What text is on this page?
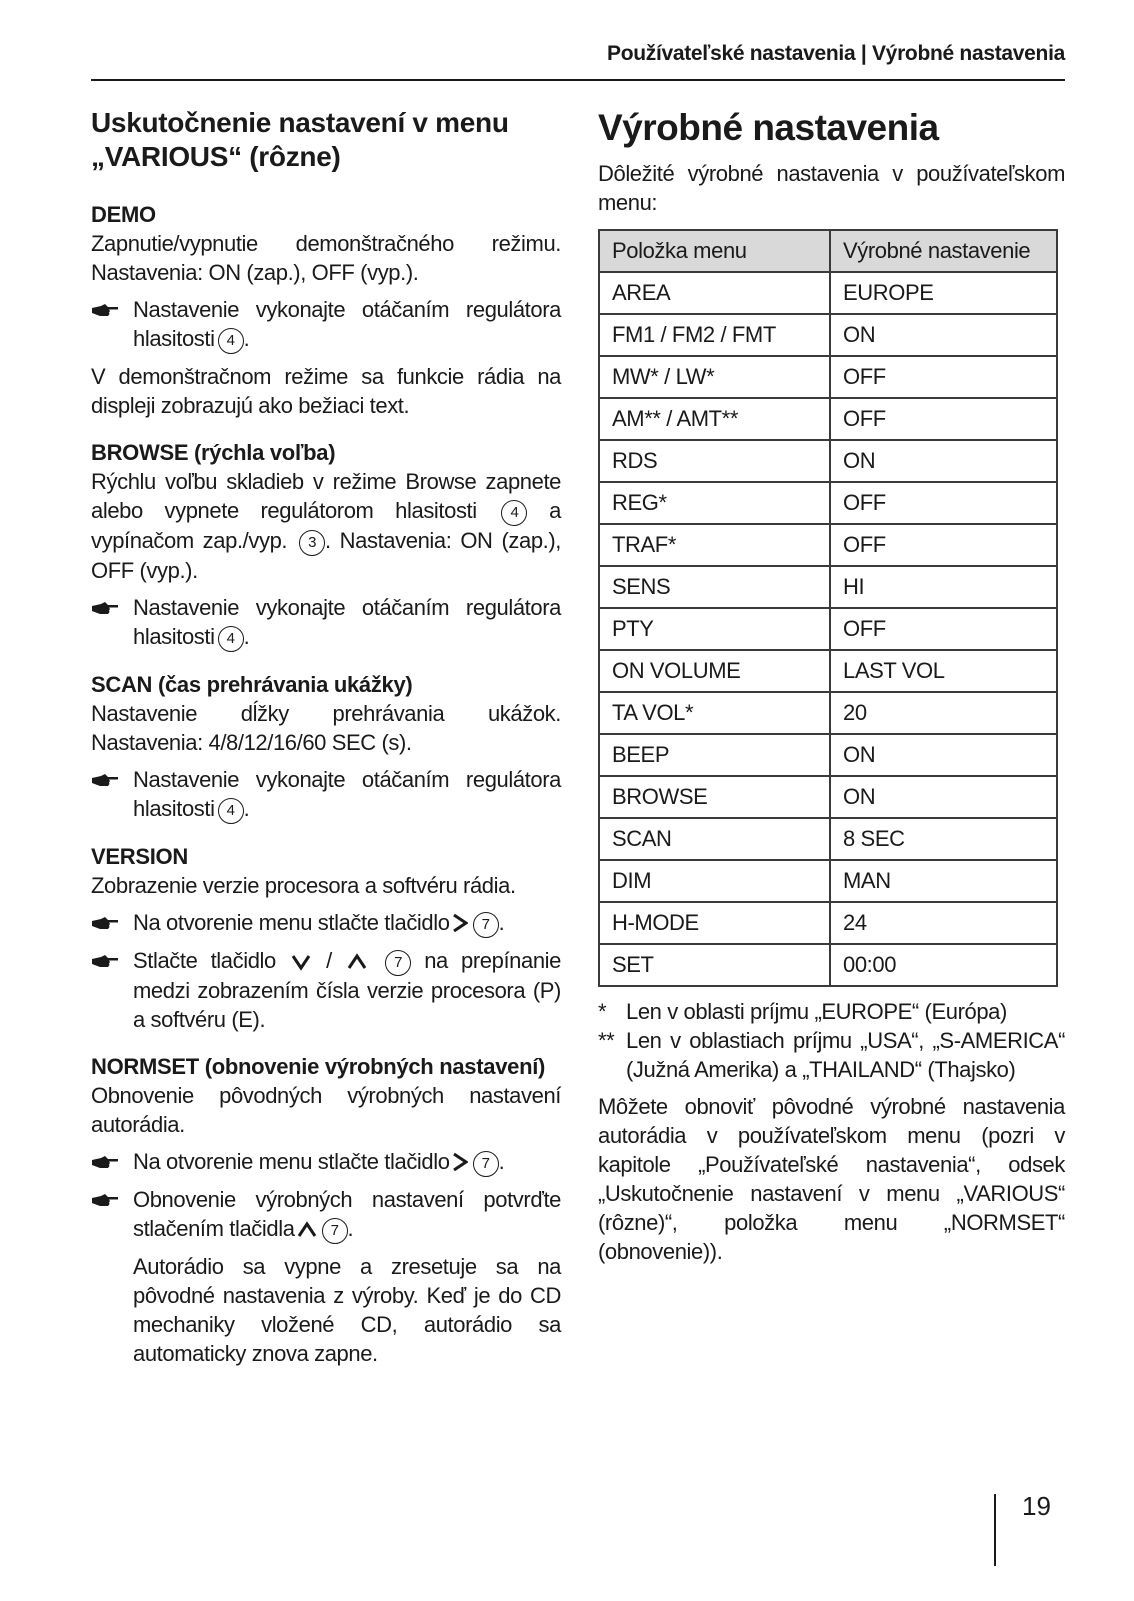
Používateľské nastavenia | Výrobné nastavenia
Uskutočnenie nastavení v menu
„VARIOUS“ (rôzne)
DEMO

Zapnutie/vypnutie demonštračného režimu. Nastavenia: ON (zap.), OFF (vyp.).

Nastavenie vykonajte otáčaním regulátora hlasitosti 4 .

V demonštračnom režime sa funkcie rádia na displeji zobrazujú ako bežiaci text.

BROWSE (rýchla voľba)

Rýchlu voľbu skladieb v režime Browse zapnete alebo vypnete regulátorom hlasitosti 4 a vypínačom zap./vyp. 3 . Nastavenia: ON (zap.), OFF (vyp.).

Nastavenie vykonajte otáčaním regulátora hlasitosti 4 .
SCAN (čas prehrávania ukážky)

Nastavenie dĺžky prehrávania ukážok. Nastavenia: 4/8/12/16/60 SEC (s).

Nastavenie vykonajte otáčaním regulátora hlasitosti 4 .
VERSION

Zobrazenie verzie procesora a softvéru rádia.

Na otvorenie menu stlačte tlačidlo 7 .
Stlačte tlačidlo /	7 na prepínanie medzi zobrazením čísla verzie procesora (P) a softvéru (E).
NORMSET (obnovenie výrobných nastavení)

Obnovenie pôvodných výrobných nastavení autorádia.

Na otvorenie menu stlačte tlačidlo 7 .
Obnovenie výrobných nastavení potvrďte stlačením tlačidla 7 .

Autorádio sa vypne a zresetuje sa na pôvodné nastavenia z výroby. Keď je do CD mechaniky vložené CD, autorádio sa automaticky znova zapne.

Výrobné nastavenia

Dôležité výrobné nastavenia v používateľskom menu:

Položka menu	Výrobné nastavenie
AREA	EUROPE
FM1 / FM2 / FMT	ON
MW* / LW*	OFF
AM** / AMT**	OFF
RDS	ON
REG*	OFF
TRAF*	OFF
SENS	HI
PTY	OFF
ON VOLUME	LAST VOL
TA VOL*	20
BEEP	ON
BROWSE	ON
SCAN	8 SEC
DIM	MAN
H-MODE	24
SET	00:00
* Len v oblasti príjmu „EUROPE“ (Európa)
** Len v oblastiach príjmu „USA“, „S-AMERICA“ (Južná Amerika) a „THAILAND“ (Thajsko)

Môžete obnoviť pôvodné výrobné nastavenia autorádia v používateľskom menu (pozri v kapitole „Používateľské nastavenia“, odsek „Uskutočnenie nastavení v menu „VARIOUS“ (rôzne)“, položka menu „NORMSET“ (obnovenie)).

19
